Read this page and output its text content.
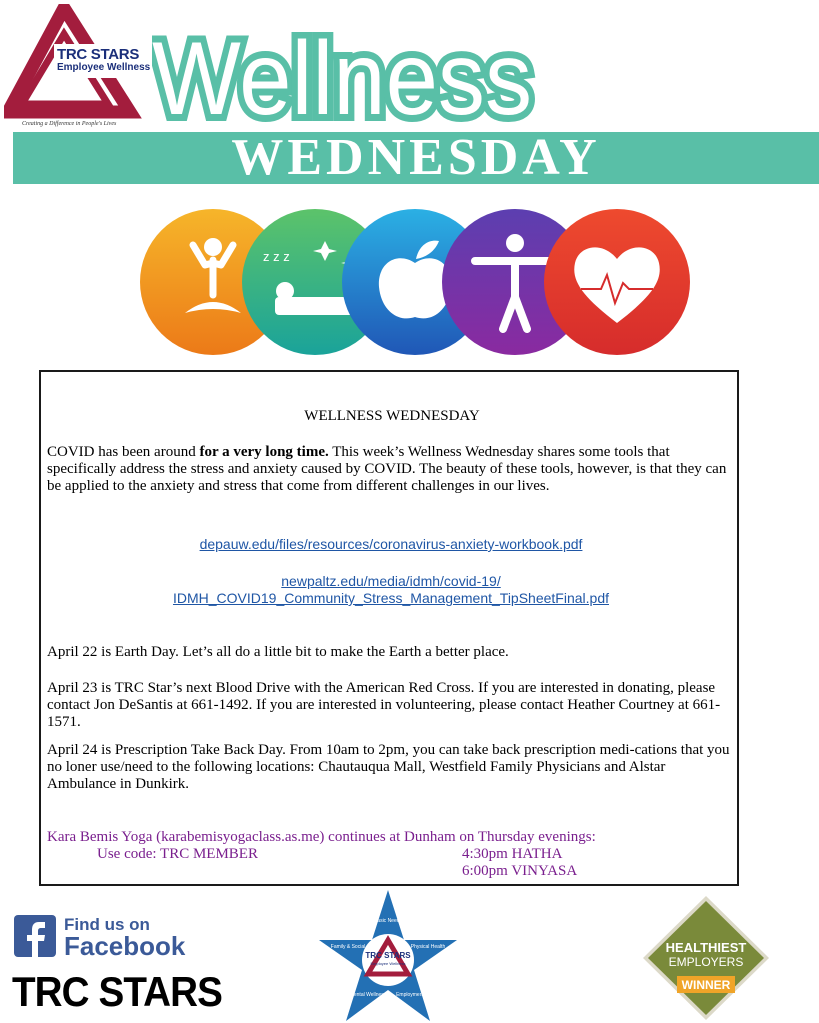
TRC STARS
Employee Wellness
Creating a Difference in People's Lives Wellness
WEDNESDAY
z z z
WELLNESS WEDNESDAY
COVID has been around for a very long time. This week’s Wellness Wednesday shares some tools that specifically address the stress and anxiety caused by COVID. The beauty of these tools, however, is that they can be applied to the anxiety and stress that come from different challenges in our lives.
depauw.edu/files/resources/coronavirus-anxiety-workbook.pdf
newpaltz.edu/media/idmh/covid-19/
IDMH_COVID19_Community_Stress_Management_TipSheetFinal.pdf
April 22 is Earth Day. Let’s all do a little bit to make the Earth a better place.
April 23 is TRC Star’s next Blood Drive with the American Red Cross. If you are interested in donating, please contact Jon DeSantis at 661-1492. If you are interested in volunteering, please contact Heather Courtney at 661-1571.
April 24 is Prescription Take Back Day. From 10am to 2pm, you can take back prescription medi-cations that you no loner use/need to the following locations: Chautauqua Mall, Westfield Family Physicians and Alstar Ambulance in Dunkirk.
Kara Bemis Yoga (karabemisyogaclass.as.me) continues at Dunham on Thursday evenings:
Use code: TRC MEMBER	4:30pm HATHA
6:00pm VINYASA
Find us on
Facebook
TRC STARS
TRC STARS
Employee Wellness
Basic Needs
Family & Social	Physical Health
Mental Wellness Employment
HEALTHIEST
EMPLOYERS
WINNER
